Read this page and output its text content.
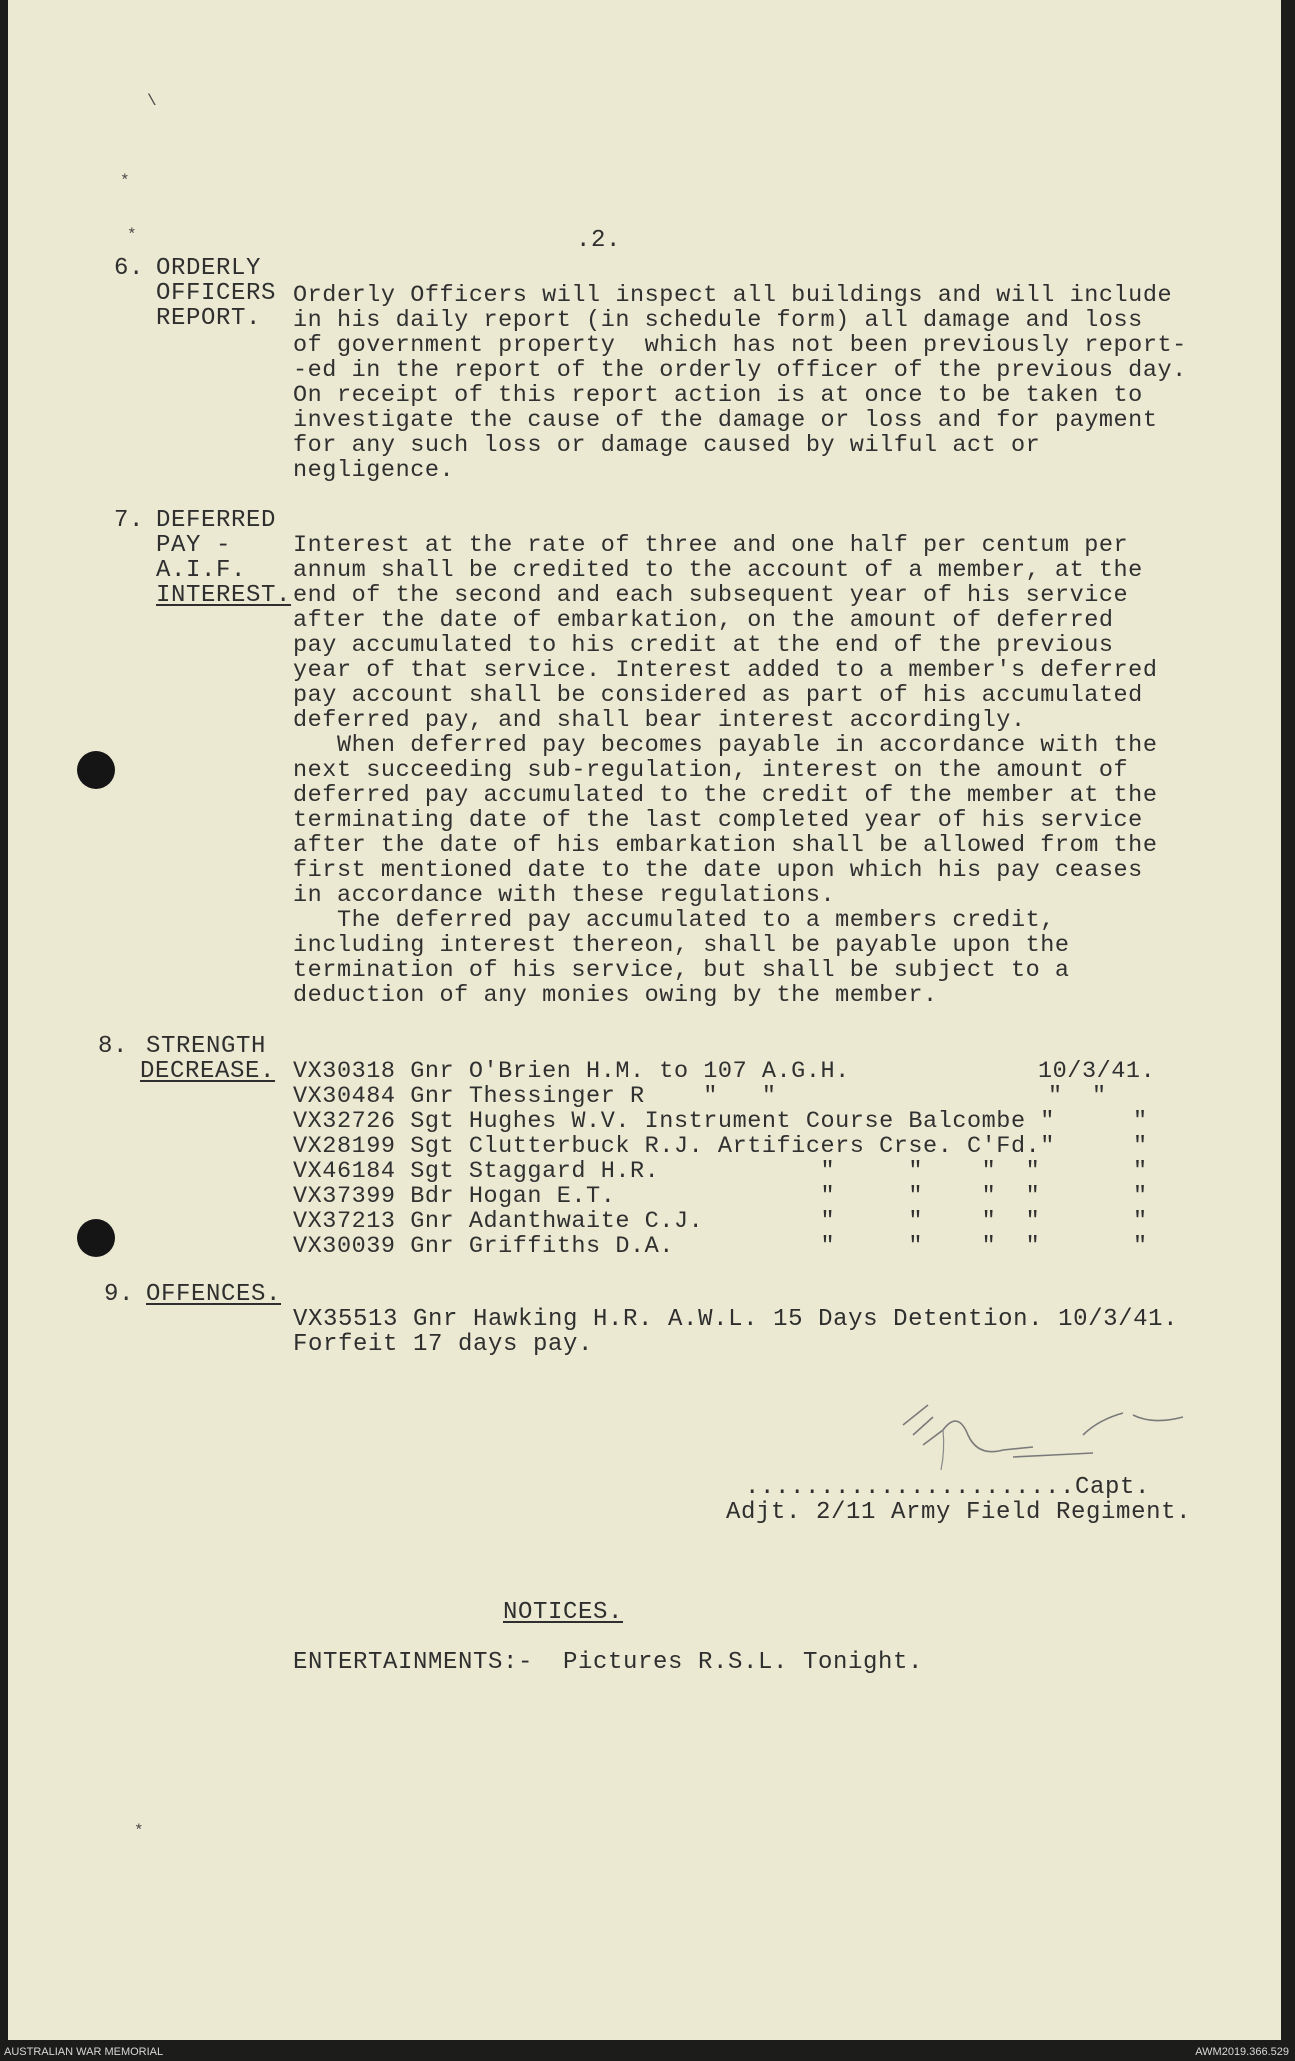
\
*
*
*
.2.
6. ORDERLY
OFFICERS
REPORT.
Orderly Officers will inspect all buildings and will include
in his daily report (in schedule form) all damage and loss
of government property  which has not been previously report-
-ed in the report of the orderly officer of the previous day.
On receipt of this report action is at once to be taken to
investigate the cause of the damage or loss and for payment
for any such loss or damage caused by wilful act or
negligence.
7. DEFERRED
PAY -
A.I.F.
INTEREST.
Interest at the rate of three and one half per centum per
annum shall be credited to the account of a member, at the
end of the second and each subsequent year of his service
after the date of embarkation, on the amount of deferred
pay accumulated to his credit at the end of the previous
year of that service. Interest added to a member's deferred
pay account shall be considered as part of his accumulated
deferred pay, and shall bear interest accordingly.
When deferred pay becomes payable in accordance with the
next succeeding sub-regulation, interest on the amount of
deferred pay accumulated to the credit of the member at the
terminating date of the last completed year of his service
after the date of his embarkation shall be allowed from the
first mentioned date to the date upon which his pay ceases
in accordance with these regulations.
The deferred pay accumulated to a members credit,
including interest thereon, shall be payable upon the
termination of his service, but shall be subject to a
deduction of any monies owing by the member.
8. STRENGTH
DECREASE. VX30318 Gnr O'Brien H.M. to 107 A.G.H.	10/3/41.
VX30484 Gnr Thessinger R    "   "	"  "
VX32726 Sgt Hughes W.V. Instrument Course Balcombe "	"
VX28199 Sgt Clutterbuck R.J. Artificers Crse. C'Fd."	"
VX46184 Sgt Staggard H.R.           "     "    "  "	"
VX37399 Bdr Hogan E.T.              "     "    "  "	"
VX37213 Gnr Adanthwaite C.J.        "     "    "  "	"
VX30039 Gnr Griffiths D.A.          "     "    "  "	"
9. OFFENCES.
VX35513 Gnr Hawking H.R. A.W.L. 15 Days Detention. 10/3/41.
Forfeit 17 days pay.
......................Capt.
Adjt. 2/11 Army Field Regiment.
NOTICES.
ENTERTAINMENTS:- Pictures R.S.L. Tonight.
AUSTRALIAN WAR MEMORIAL	AWM2019.366.529
